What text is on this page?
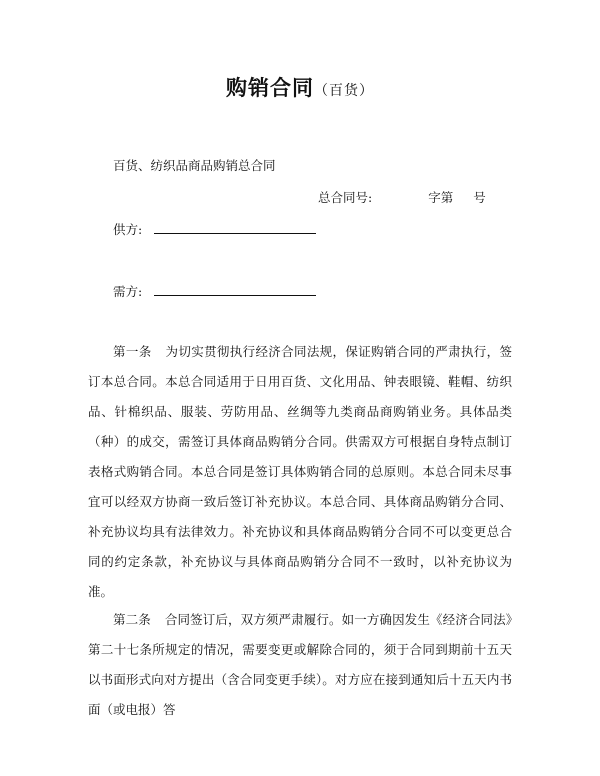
购销合同（百货）
百货、纺织品商品购销总合同
总合同号:	字第 号
供方:
需方:

第一条 为切实贯彻执行经济合同法规，保证购销合同的严肃执行，签订本总合同。本总合同适用于日用百货、文化用品、钟表眼镜、鞋帽、纺织品、针棉织品、服装、劳防用品、丝绸等九类商品商购销业务。具体品类（种）的成交，需签订具体商品购销分合同。供需双方可根据自身特点制订表格式购销合同。本总合同是签订具体购销合同的总原则。本总合同未尽事宜可以经双方协商一致后签订补充协议。本总合同、具体商品购销分合同、补充协议均具有法律效力。补充协议和具体商品购销分合同不可以变更总合同的约定条款，补充协议与具体商品购销分合同不一致时，以补充协议为准。

第二条 合同签订后，双方须严肃履行。如一方确因发生《经济合同法》第二十七条所规定的情况，需要变更或解除合同的，须于合同到期前十五天以书面形式向对方提出（含合同变更手续）。对方应在接到通知后十五天内书面（或电报）答
